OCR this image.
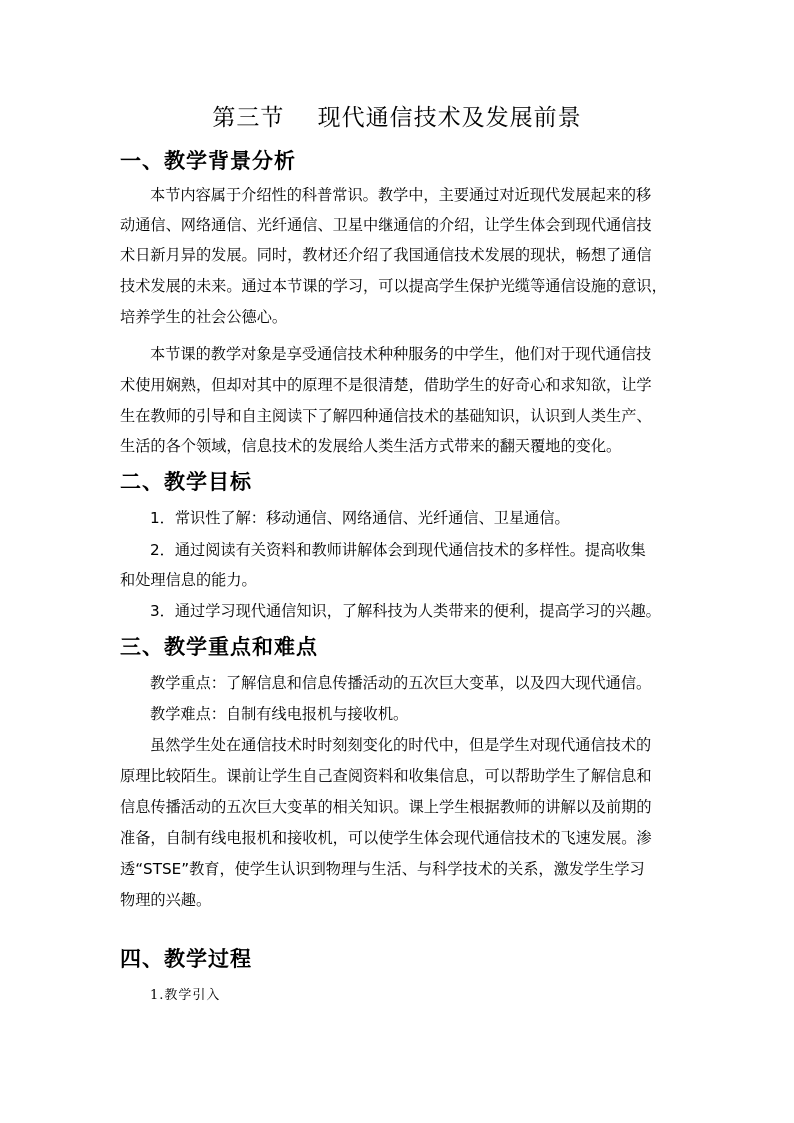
第三节    现代通信技术及发展前景
一、教学背景分析
本节内容属于介绍性的科普常识。教学中，主要通过对近现代发展起来的移
动通信、网络通信、光纤通信、卫星中继通信的介绍，让学生体会到现代通信技
术日新月异的发展。同时，教材还介绍了我国通信技术发展的现状，畅想了通信
技术发展的未来。通过本节课的学习，可以提高学生保护光缆等通信设施的意识，
培养学生的社会公德心。
本节课的教学对象是享受通信技术种种服务的中学生，他们对于现代通信技
术使用娴熟，但却对其中的原理不是很清楚，借助学生的好奇心和求知欲，让学
生在教师的引导和自主阅读下了解四种通信技术的基础知识，认识到人类生产、
生活的各个领域，信息技术的发展给人类生活方式带来的翻天覆地的变化。
二、教学目标
1．常识性了解：移动通信、网络通信、光纤通信、卫星通信。
2．通过阅读有关资料和教师讲解体会到现代通信技术的多样性。提高收集
和处理信息的能力。
3．通过学习现代通信知识，了解科技为人类带来的便利，提高学习的兴趣。
三、教学重点和难点
教学重点：了解信息和信息传播活动的五次巨大变革，以及四大现代通信。
教学难点：自制有线电报机与接收机。
虽然学生处在通信技术时时刻刻变化的时代中，但是学生对现代通信技术的
原理比较陌生。课前让学生自己查阅资料和收集信息，可以帮助学生了解信息和
信息传播活动的五次巨大变革的相关知识。课上学生根据教师的讲解以及前期的
准备，自制有线电报机和接收机，可以使学生体会现代通信技术的飞速发展。渗
透“STSE”教育，使学生认识到物理与生活、与科学技术的关系，激发学生学习
物理的兴趣。
四、教学过程
1.教学引入
